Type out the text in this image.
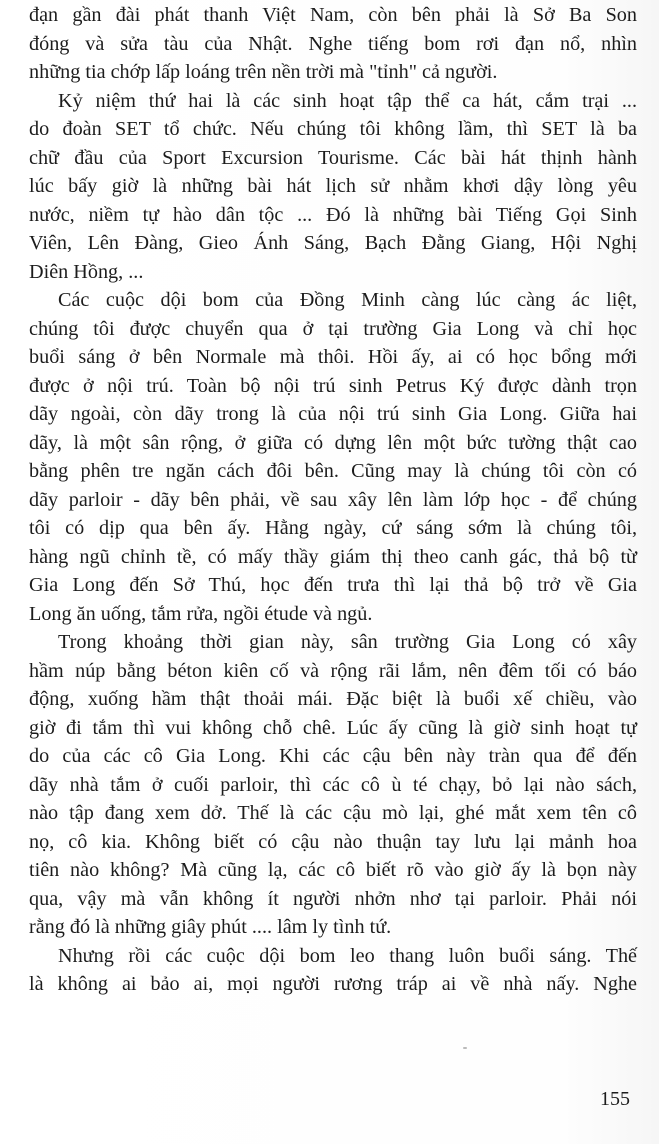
đạn gần đài phát thanh Việt Nam, còn bên phải là Sở Ba Son
đóng và sửa tàu của Nhật. Nghe tiếng bom rơi đạn nổ, nhìn
những tia chớp lấp loáng trên nền trời mà "tỉnh" cả người.
Kỷ niệm thứ hai là các sinh hoạt tập thể ca hát, cắm trại ...
do đoàn SET tổ chức. Nếu chúng tôi không lầm, thì SET là ba
chữ đầu của Sport Excursion Tourisme. Các bài hát thịnh hành
lúc bấy giờ là những bài hát lịch sử nhằm khơi dậy lòng yêu
nước, niềm tự hào dân tộc ... Đó là những bài Tiếng Gọi Sinh
Viên, Lên Đàng, Gieo Ánh Sáng, Bạch Đằng Giang, Hội Nghị
Diên Hồng, ...
Các cuộc dội bom của Đồng Minh càng lúc càng ác liệt,
chúng tôi được chuyển qua ở tại trường Gia Long và chỉ học
buổi sáng ở bên Normale mà thôi. Hồi ấy, ai có học bổng mới
được ở nội trú. Toàn bộ nội trú sinh Petrus Ký được dành trọn
dãy ngoài, còn dãy trong là của nội trú sinh Gia Long. Giữa hai
dãy, là một sân rộng, ở giữa có dựng lên một bức tường thật cao
bằng phên tre ngăn cách đôi bên. Cũng may là chúng tôi còn có
dãy parloir - dãy bên phải, về sau xây lên làm lớp học - để chúng
tôi có dịp qua bên ấy. Hằng ngày, cứ sáng sớm là chúng tôi,
hàng ngũ chỉnh tề, có mấy thầy giám thị theo canh gác, thả bộ từ
Gia Long đến Sở Thú, học đến trưa thì lại thả bộ trở về Gia
Long ăn uống, tắm rửa, ngồi étude và ngủ.
Trong khoảng thời gian này, sân trường Gia Long có xây
hầm núp bằng béton kiên cố và rộng rãi lắm, nên đêm tối có báo
động, xuống hầm thật thoải mái. Đặc biệt là buổi xế chiều, vào
giờ đi tắm thì vui không chỗ chê. Lúc ấy cũng là giờ sinh hoạt tự
do của các cô Gia Long. Khi các cậu bên này tràn qua để đến
dãy nhà tắm ở cuối parloir, thì các cô ù té chạy, bỏ lại nào sách,
nào tập đang xem dở. Thế là các cậu mò lại, ghé mắt xem tên cô
nọ, cô kia. Không biết có cậu nào thuận tay lưu lại mảnh hoa
tiên nào không? Mà cũng lạ, các cô biết rõ vào giờ ấy là bọn này
qua, vậy mà vẫn không ít người nhởn nhơ tại parloir. Phải nói
rằng đó là những giây phút .... lâm ly tình tứ.
Nhưng rồi các cuộc dội bom leo thang luôn buổi sáng. Thế
là không ai bảo ai, mọi người rương tráp ai về nhà nấy. Nghe
155
